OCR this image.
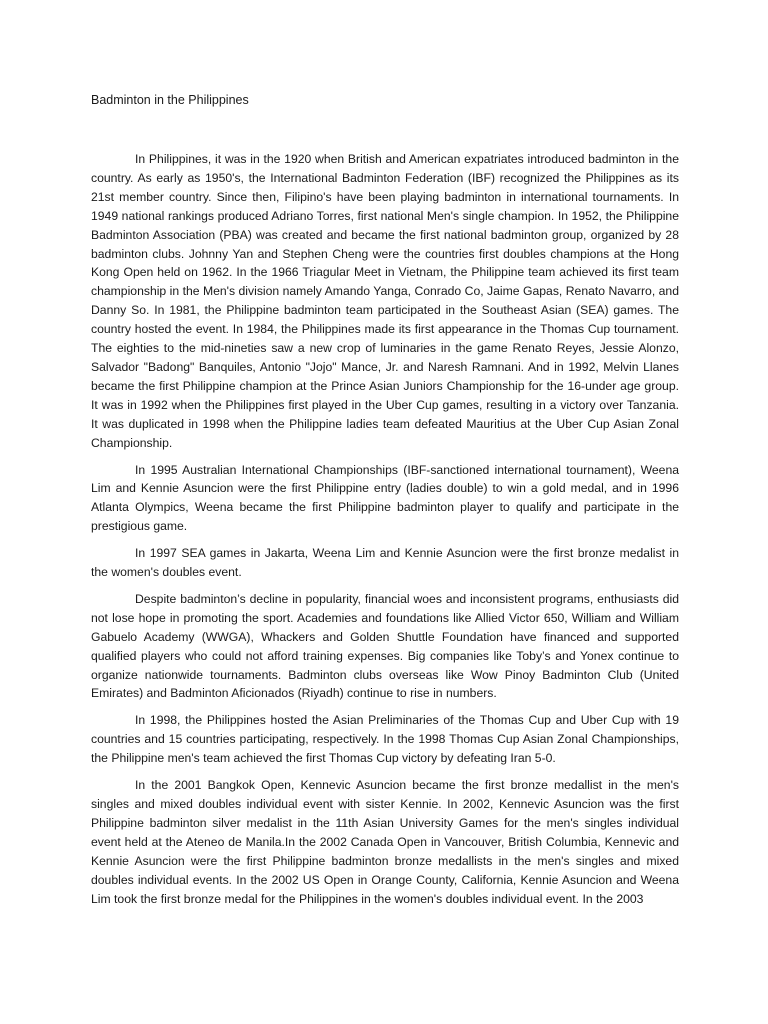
Badminton in the Philippines

In Philippines, it was in the 1920 when British and American expatriates introduced badminton in the country. As early as 1950's, the International Badminton Federation (IBF) recognized the Philippines as its 21st member country. Since then, Filipino's have been playing badminton in international tournaments. In 1949 national rankings produced Adriano Torres, first national Men's single champion. In 1952, the Philippine Badminton Association (PBA) was created and became the first national badminton group, organized by 28 badminton clubs. Johnny Yan and Stephen Cheng were the countries first doubles champions at the Hong Kong Open held on 1962. In the 1966 Triagular Meet in Vietnam, the Philippine team achieved its first team championship in the Men's division namely Amando Yanga, Conrado Co, Jaime Gapas, Renato Navarro, and Danny So. In 1981, the Philippine badminton team participated in the Southeast Asian (SEA) games. The country hosted the event. In 1984, the Philippines made its first appearance in the Thomas Cup tournament. The eighties to the mid-nineties saw a new crop of luminaries in the game Renato Reyes, Jessie Alonzo, Salvador "Badong" Banquiles, Antonio "Jojo" Mance, Jr. and Naresh Ramnani. And in 1992, Melvin Llanes became the first Philippine champion at the Prince Asian Juniors Championship for the 16-under age group. It was in 1992 when the Philippines first played in the Uber Cup games, resulting in a victory over Tanzania. It was duplicated in 1998 when the Philippine ladies team defeated Mauritius at the Uber Cup Asian Zonal Championship.

In 1995 Australian International Championships (IBF-sanctioned international tournament), Weena Lim and Kennie Asuncion were the first Philippine entry (ladies double) to win a gold medal, and in 1996 Atlanta Olympics, Weena became the first Philippine badminton player to qualify and participate in the prestigious game.

In 1997 SEA games in Jakarta, Weena Lim and Kennie Asuncion were the first bronze medalist in the women's doubles event.

Despite badminton’s decline in popularity, financial woes and inconsistent programs, enthusiasts did not lose hope in promoting the sport. Academies and foundations like Allied Victor 650, William and William Gabuelo Academy (WWGA), Whackers and Golden Shuttle Foundation have financed and supported qualified players who could not afford training expenses. Big companies like Toby’s and Yonex continue to organize nationwide tournaments. Badminton clubs overseas like Wow Pinoy Badminton Club (United Emirates) and Badminton Aficionados (Riyadh) continue to rise in numbers.

In 1998, the Philippines hosted the Asian Preliminaries of the Thomas Cup and Uber Cup with 19 countries and 15 countries participating, respectively. In the 1998 Thomas Cup Asian Zonal Championships, the Philippine men's team achieved the first Thomas Cup victory by defeating Iran 5-0.

In the 2001 Bangkok Open, Kennevic Asuncion became the first bronze medallist in the men's singles and mixed doubles individual event with sister Kennie. In 2002, Kennevic Asuncion was the first Philippine badminton silver medalist in the 11th Asian University Games for the men's singles individual event held at the Ateneo de Manila.In the 2002 Canada Open in Vancouver, British Columbia, Kennevic and Kennie Asuncion were the first Philippine badminton bronze medallists in the men's singles and mixed doubles individual events. In the 2002 US Open in Orange County, California, Kennie Asuncion and Weena Lim took the first bronze medal for the Philippines in the women's doubles individual event. In the 2003
